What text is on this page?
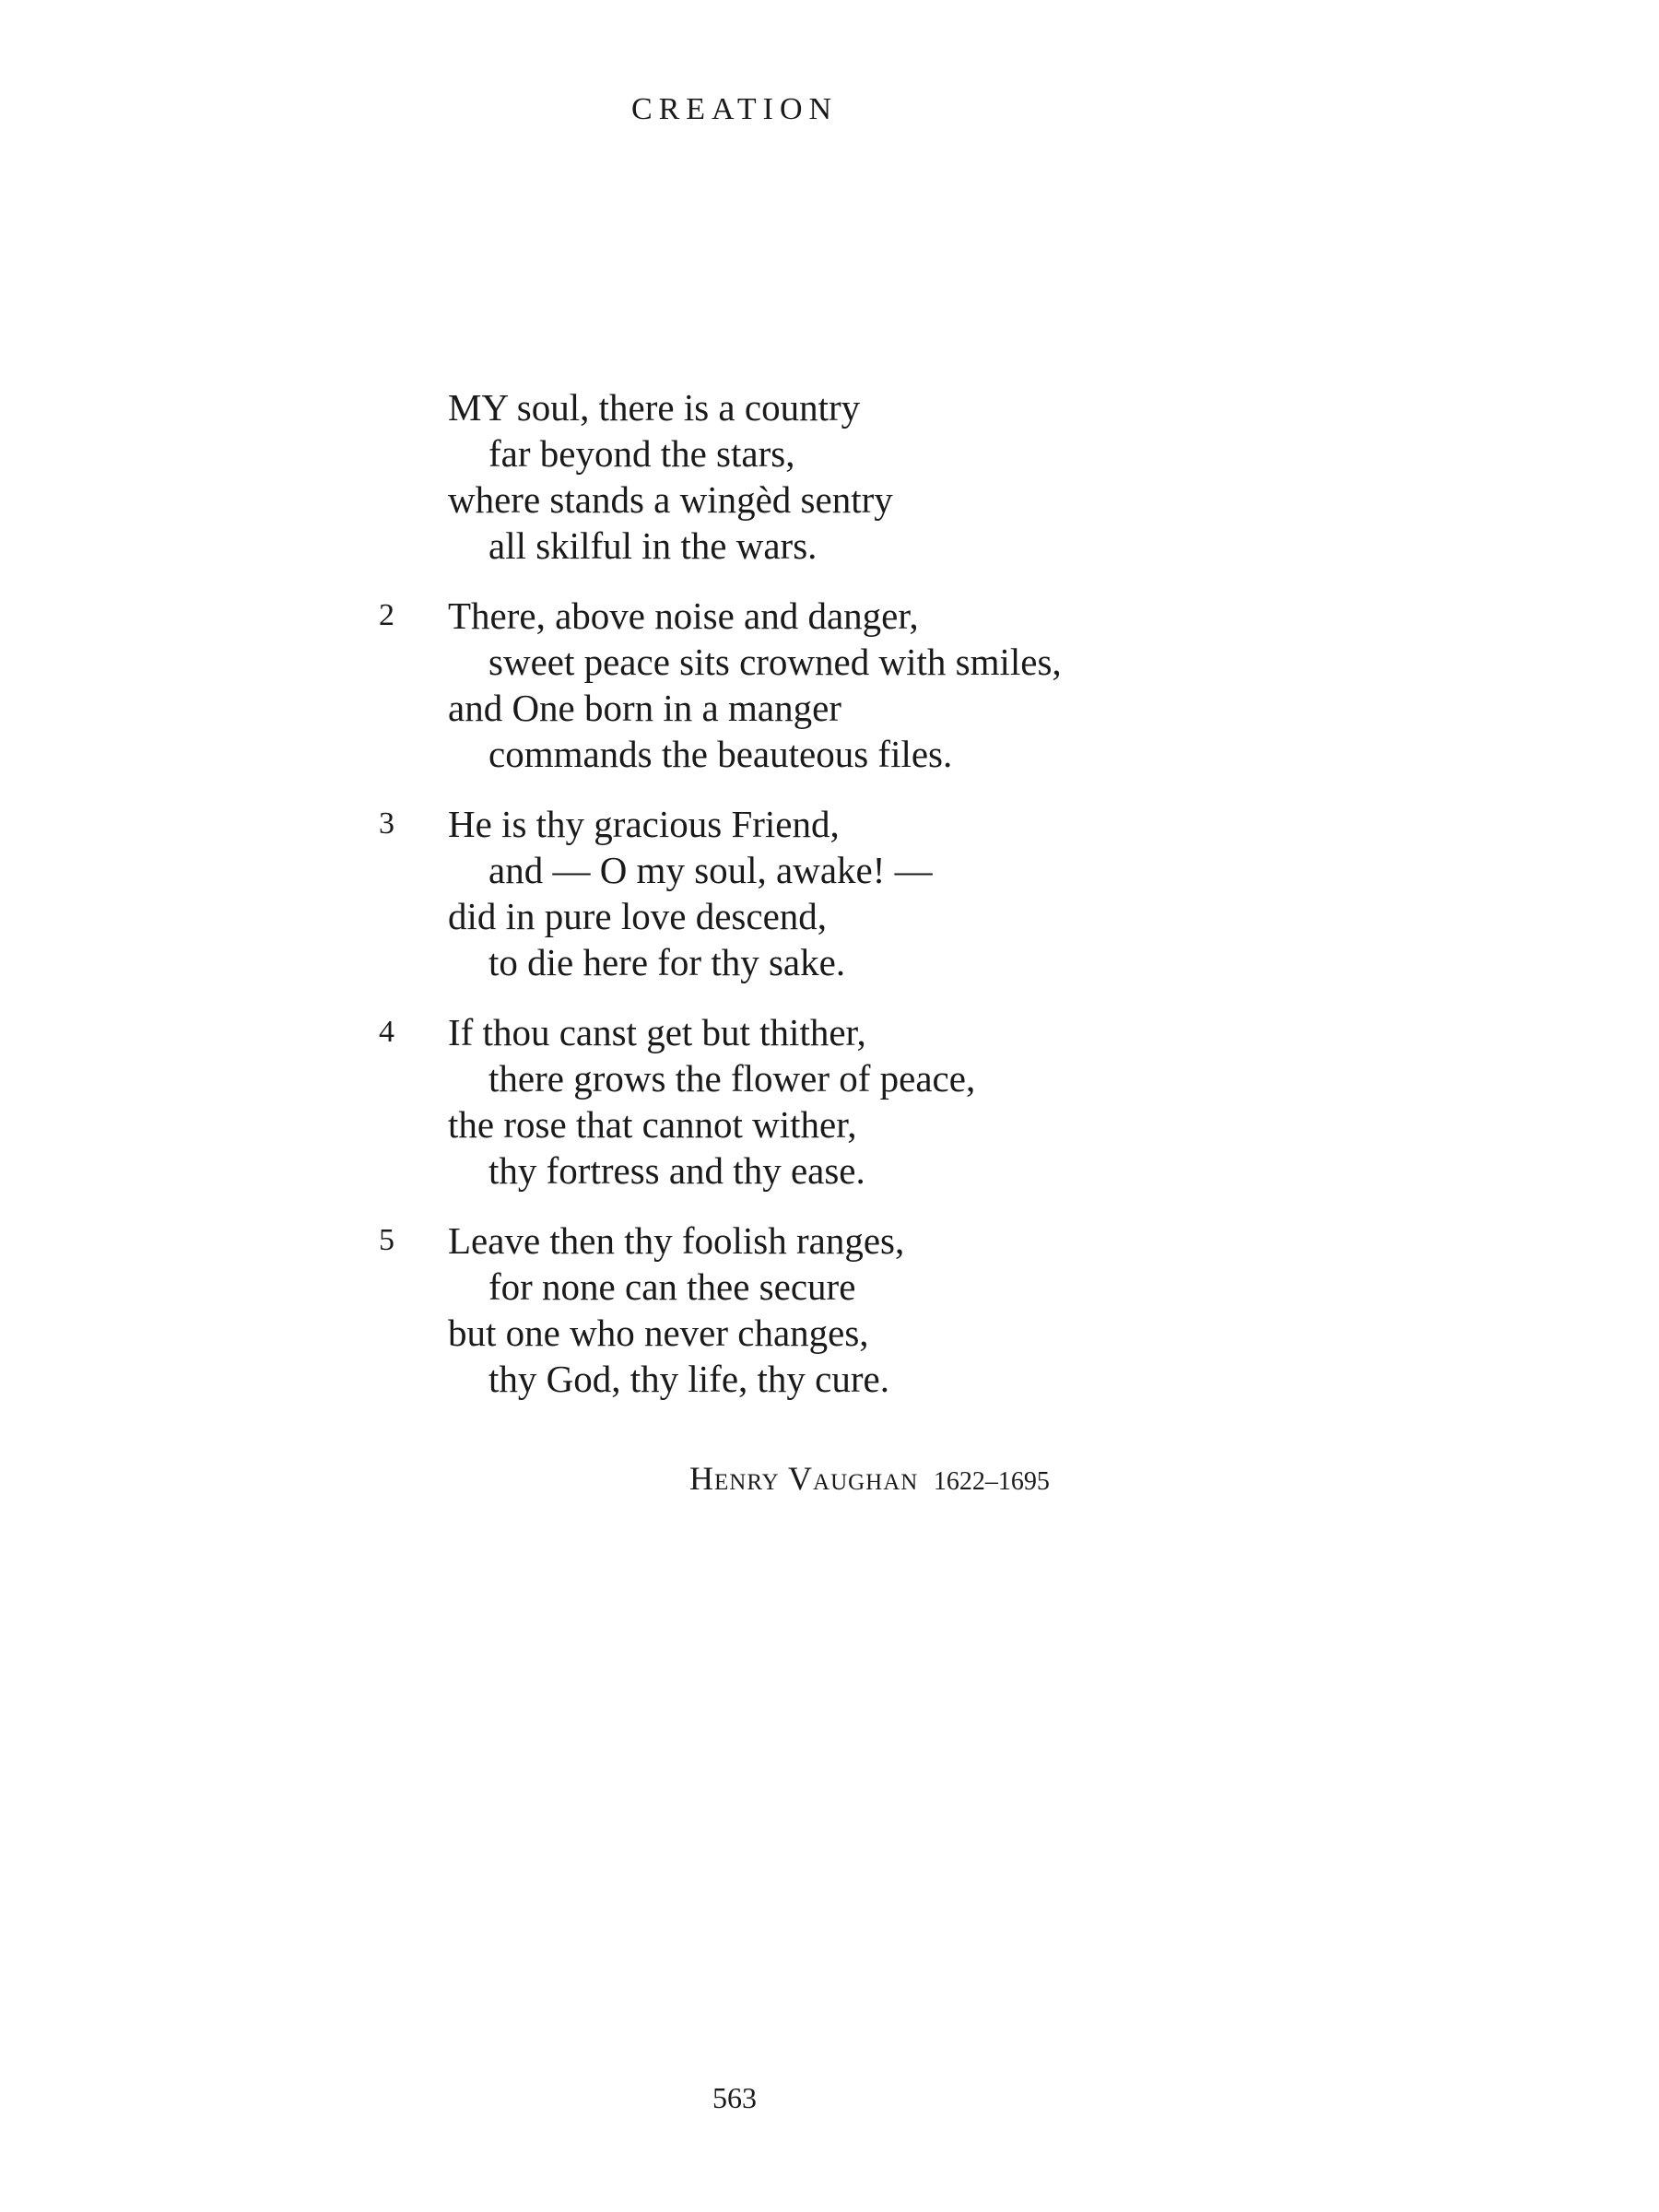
CREATION
MY soul, there is a country
far beyond the stars,
where stands a wingèd sentry
all skilful in the wars.
2	There, above noise and danger,
sweet peace sits crowned with smiles,
and One born in a manger
commands the beauteous files.
3	He is thy gracious Friend,
and — O my soul, awake! —
did in pure love descend,
to die here for thy sake.
4	If thou canst get but thither,
there grows the flower of peace,
the rose that cannot wither,
thy fortress and thy ease.
5	Leave then thy foolish ranges,
for none can thee secure
but one who never changes,
thy God, thy life, thy cure.
Henry Vaughan 1622–1695
563
